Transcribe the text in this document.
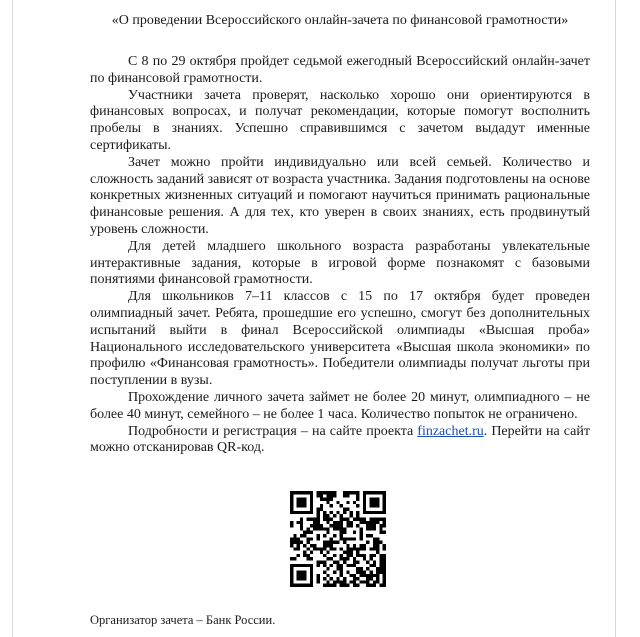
«О проведении Всероссийского онлайн-зачета по финансовой грамотности»

С 8 по 29 октября пройдет седьмой ежегодный Всероссийский онлайн-зачет по финансовой грамотности.

Участники зачета проверят, насколько хорошо они ориентируются в финансовых вопросах, и получат рекомендации, которые помогут восполнить пробелы в знаниях. Успешно справившимся с зачетом выдадут именные сертификаты.

Зачет можно пройти индивидуально или всей семьей. Количество и сложность заданий зависят от возраста участника. Задания подготовлены на основе конкретных жизненных ситуаций и помогают научиться принимать рациональные финансовые решения. А для тех, кто уверен в своих знаниях, есть продвинутый уровень сложности.

Для детей младшего школьного возраста разработаны увлекательные интерактивные задания, которые в игровой форме познакомят с базовыми понятиями финансовой грамотности.

Для школьников 7–11 классов с 15 по 17 октября будет проведен олимпиадный зачет. Ребята, прошедшие его успешно, смогут без дополнительных испытаний выйти в финал Всероссийской олимпиады «Высшая проба» Национального исследовательского университета «Высшая школа экономики» по профилю «Финансовая грамотность». Победители олимпиады получат льготы при поступлении в вузы.

Прохождение личного зачета займет не более 20 минут, олимпиадного – не более 40 минут, семейного – не более 1 часа. Количество попыток не ограничено.

Подробности и регистрация – на сайте проекта finzachet.ru. Перейти на сайт можно отсканировав QR-код.

Организатор зачета – Банк России.
